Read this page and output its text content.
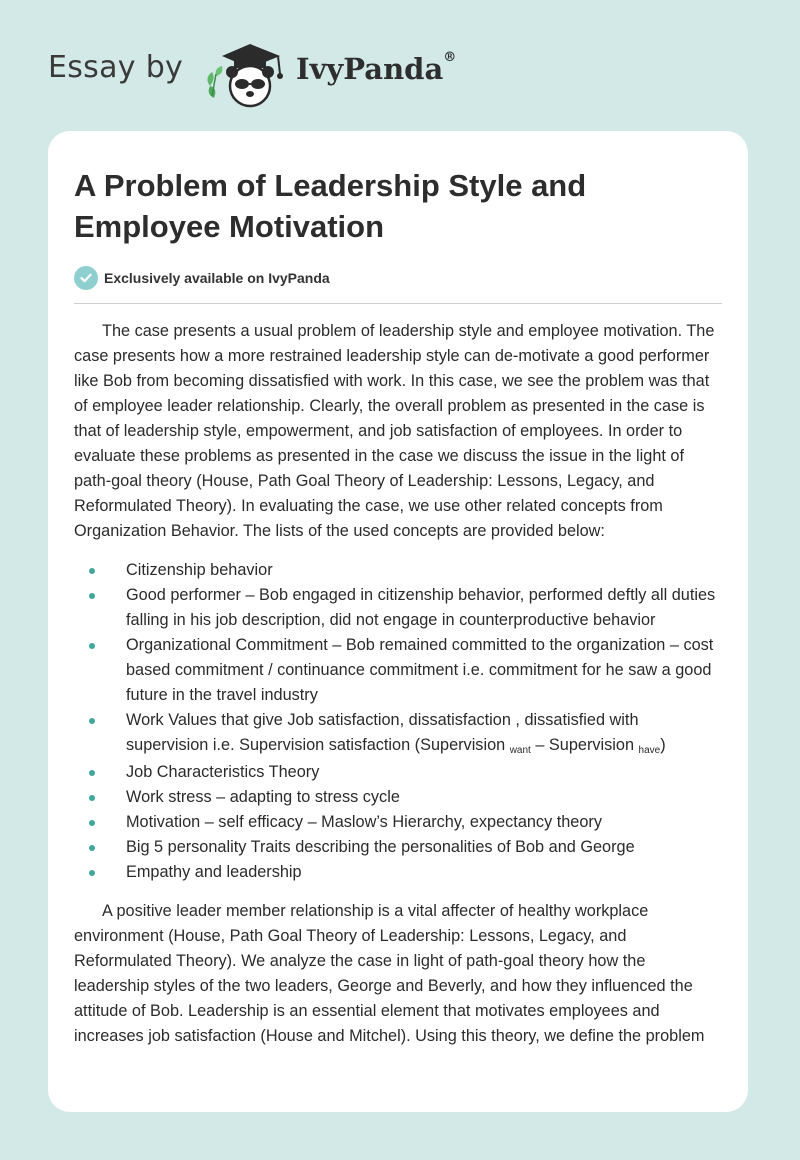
Essay by	IvyPanda®
A Problem of Leadership Style and Employee Motivation
Exclusively available on IvyPanda

The case presents a usual problem of leadership style and employee motivation. The case presents how a more restrained leadership style can de-motivate a good performer like Bob from becoming dissatisfied with work. In this case, we see the problem was that of employee leader relationship. Clearly, the overall problem as presented in the case is that of leadership style, empowerment, and job satisfaction of employees. In order to evaluate these problems as presented in the case we discuss the issue in the light of path-goal theory (House, Path Goal Theory of Leadership: Lessons, Legacy, and Reformulated Theory). In evaluating the case, we use other related concepts from Organization Behavior. The lists of the used concepts are provided below:

Citizenship behavior
Good performer – Bob engaged in citizenship behavior, performed deftly all duties falling in his job description, did not engage in counterproductive behavior
Organizational Commitment – Bob remained committed to the organization – cost based commitment / continuance commitment i.e. commitment for he saw a good future in the travel industry
Work Values that give Job satisfaction, dissatisfaction , dissatisfied with supervision i.e. Supervision satisfaction (Supervision want – Supervision have)
Job Characteristics Theory
Work stress – adapting to stress cycle
Motivation – self efficacy – Maslow’s Hierarchy, expectancy theory
Big 5 personality Traits describing the personalities of Bob and George
Empathy and leadership

A positive leader member relationship is a vital affecter of healthy workplace environment (House, Path Goal Theory of Leadership: Lessons, Legacy, and Reformulated Theory). We analyze the case in light of path-goal theory how the leadership styles of the two leaders, George and Beverly, and how they influenced the attitude of Bob. Leadership is an essential element that motivates employees and increases job satisfaction (House and Mitchel). Using this theory, we define the problem
